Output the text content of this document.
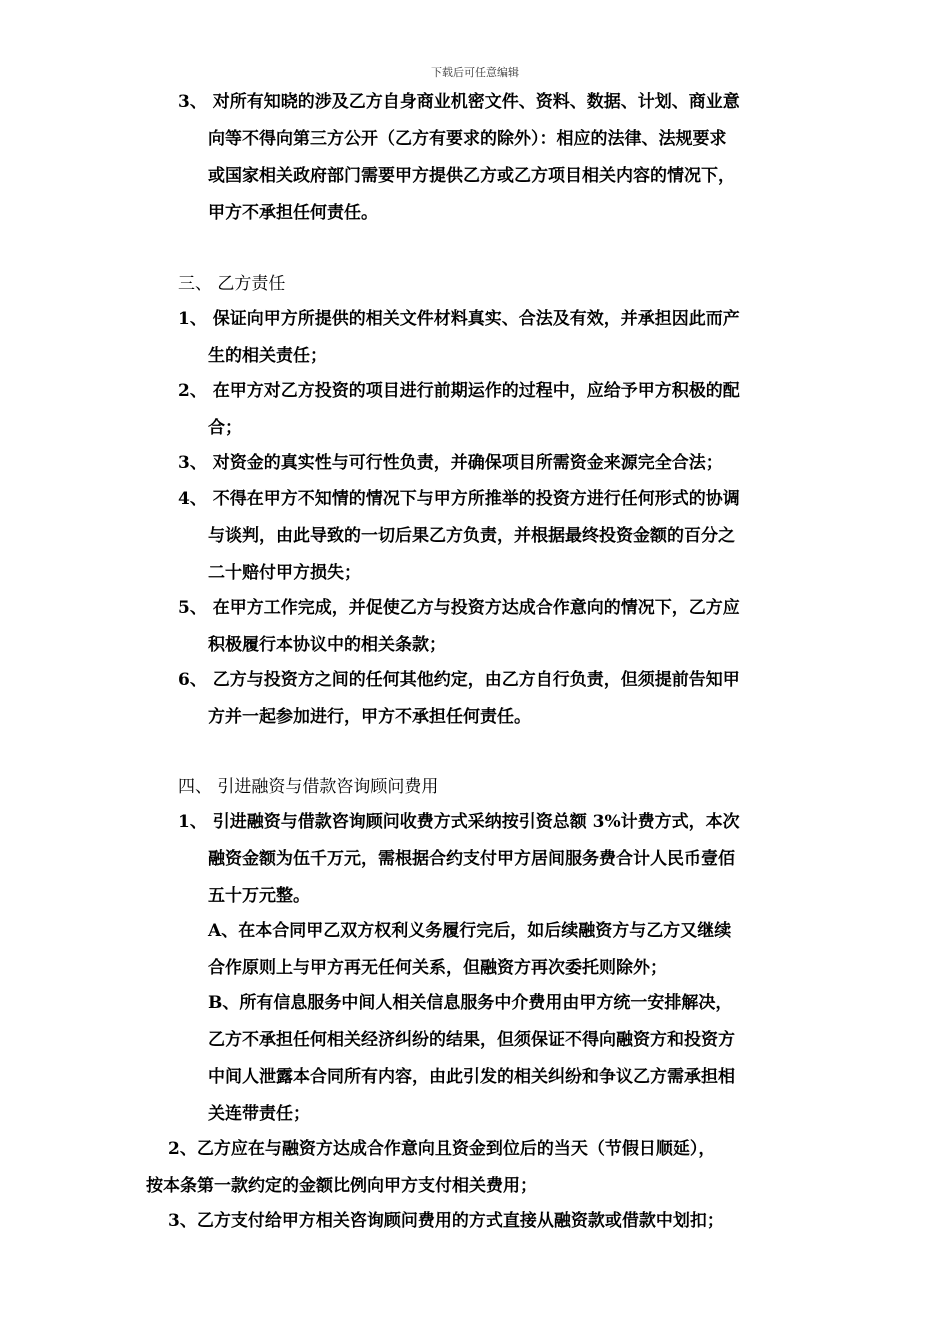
下载后可任意编辑
3、 对所有知晓的涉及乙方自身商业机密文件、资料、数据、计划、商业意
向等不得向第三方公开（乙方有要求的除外）：相应的法律、法规要求
或国家相关政府部门需要甲方提供乙方或乙方项目相关内容的情况下，
甲方不承担任何责任。
三、 乙方责任
1、 保证向甲方所提供的相关文件材料真实、合法及有效，并承担因此而产
生的相关责任；
2、 在甲方对乙方投资的项目进行前期运作的过程中，应给予甲方积极的配
合；
3、 对资金的真实性与可行性负责，并确保项目所需资金来源完全合法；
4、 不得在甲方不知情的情况下与甲方所推举的投资方进行任何形式的协调
与谈判，由此导致的一切后果乙方负责，并根据最终投资金额的百分之
二十赔付甲方损失；
5、 在甲方工作完成，并促使乙方与投资方达成合作意向的情况下，乙方应
积极履行本协议中的相关条款；
6、 乙方与投资方之间的任何其他约定，由乙方自行负责，但须提前告知甲
方并一起参加进行，甲方不承担任何责任。
四、 引进融资与借款咨询顾问费用
1、 引进融资与借款咨询顾问收费方式采纳按引资总额 3%计费方式，本次
融资金额为伍千万元，需根据合约支付甲方居间服务费合计人民币壹佰
五十万元整。
A、在本合同甲乙双方权利义务履行完后，如后续融资方与乙方又继续
合作原则上与甲方再无任何关系，但融资方再次委托则除外；
B、所有信息服务中间人相关信息服务中介费用由甲方统一安排解决，
乙方不承担任何相关经济纠纷的结果，但须保证不得向融资方和投资方
中间人泄露本合同所有内容，由此引发的相关纠纷和争议乙方需承担相
关连带责任；
2、乙方应在与融资方达成合作意向且资金到位后的当天（节假日顺延），
按本条第一款约定的金额比例向甲方支付相关费用；
3、乙方支付给甲方相关咨询顾问费用的方式直接从融资款或借款中划扣；
